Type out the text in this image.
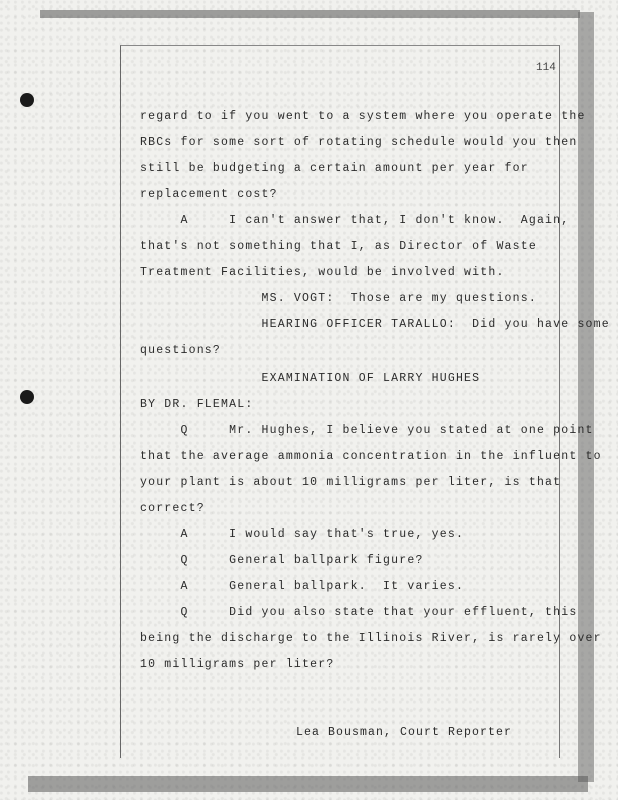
114
regard to if you went to a system where you operate the
RBCs for some sort of rotating schedule would you then
still be budgeting a certain amount per year for
replacement cost?
A     I can't answer that, I don't know.  Again,
that's not something that I, as Director of Waste
Treatment Facilities, would be involved with.
MS. VOGT:  Those are my questions.
HEARING OFFICER TARALLO:  Did you have some
questions?
EXAMINATION OF LARRY HUGHES
BY DR. FLEMAL:
Q     Mr. Hughes, I believe you stated at one point
that the average ammonia concentration in the influent to
your plant is about 10 milligrams per liter, is that
correct?
A     I would say that's true, yes.
Q     General ballpark figure?
A     General ballpark.  It varies.
Q     Did you also state that your effluent, this
being the discharge to the Illinois River, is rarely over
10 milligrams per liter?
Lea Bousman, Court Reporter
